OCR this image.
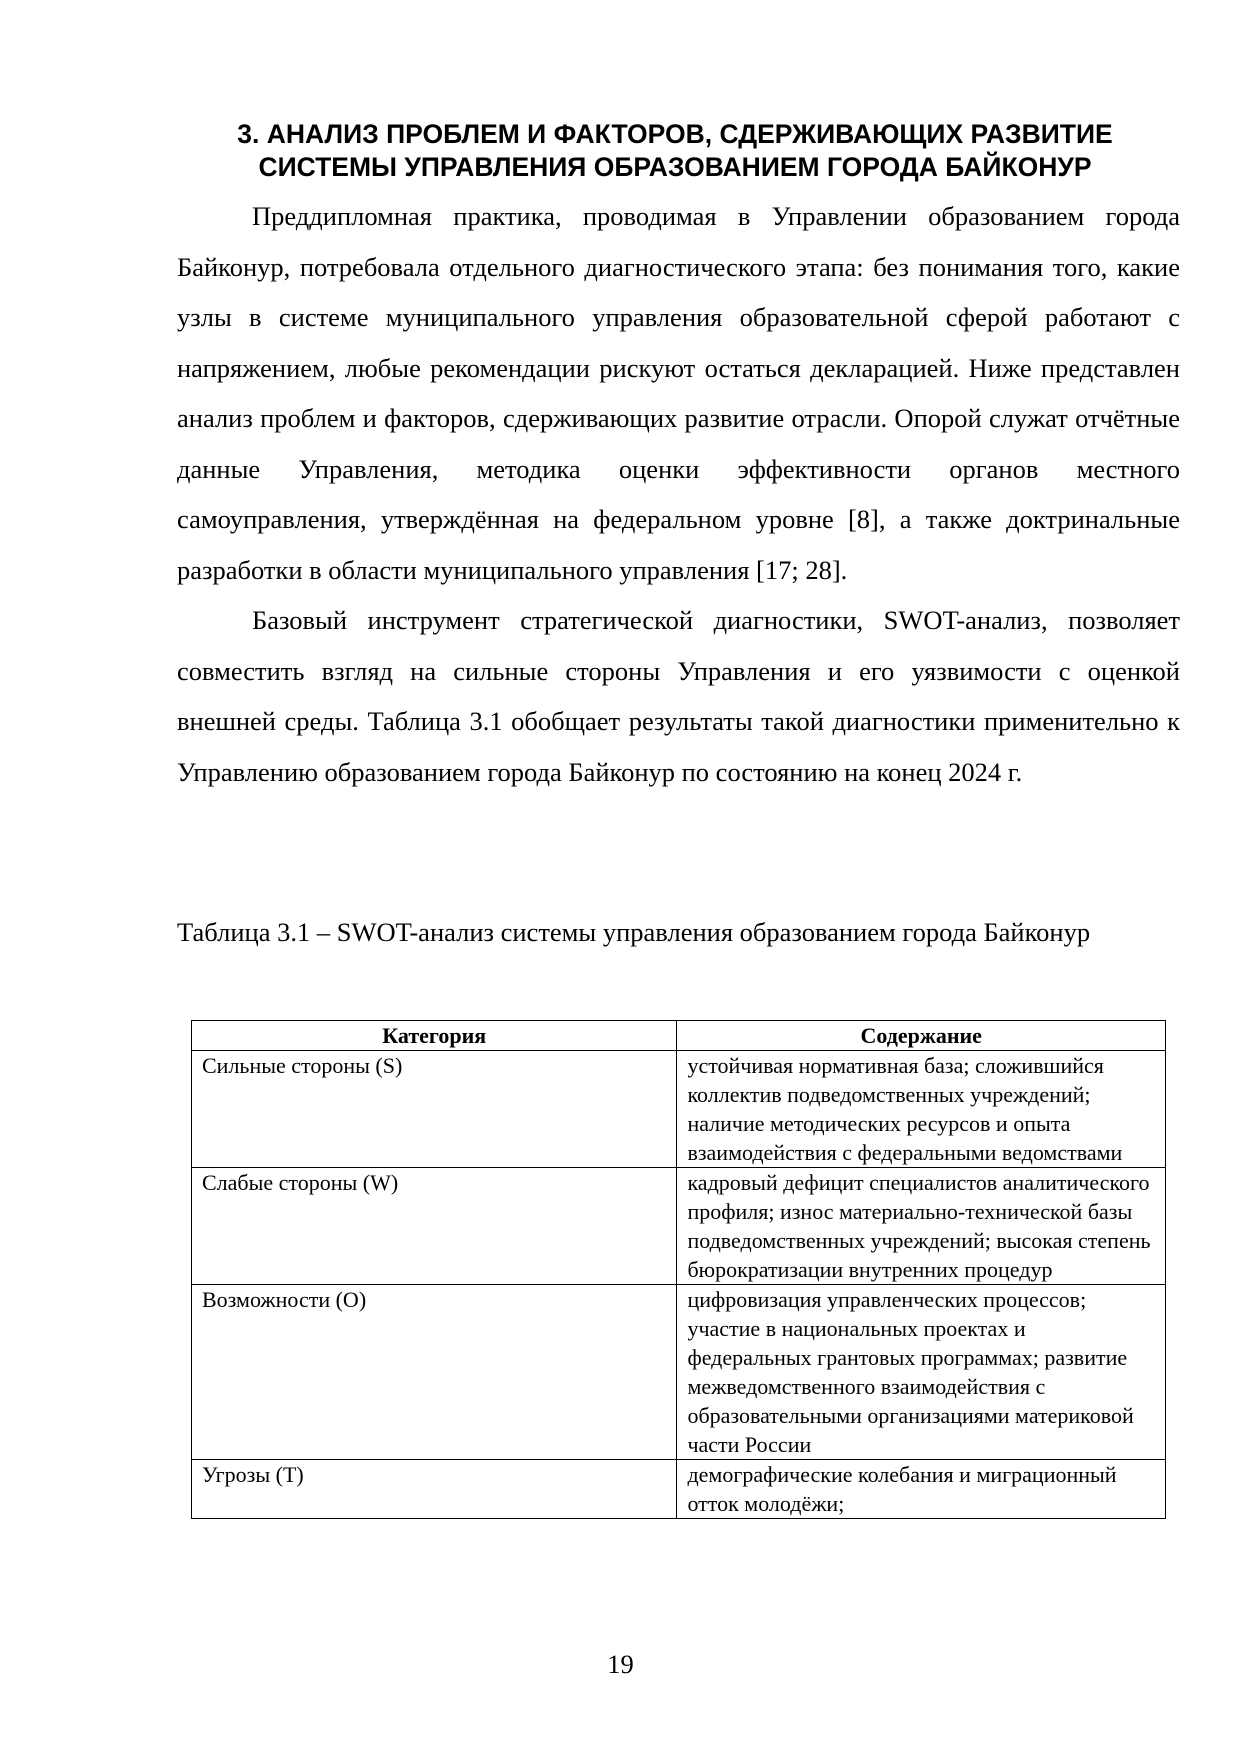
3. АНАЛИЗ ПРОБЛЕМ И ФАКТОРОВ, СДЕРЖИВАЮЩИХ РАЗВИТИЕ
СИСТЕМЫ УПРАВЛЕНИЯ ОБРАЗОВАНИЕМ ГОРОДА БАЙКОНУР

Преддипломная практика, проводимая в Управлении образованием города Байконур, потребовала отдельного диагностического этапа: без понимания того, какие узлы в системе муниципального управления образовательной сферой работают с напряжением, любые рекомендации рискуют остаться декларацией. Ниже представлен анализ проблем и факторов, сдерживающих развитие отрасли. Опорой служат отчётные данные Управления, методика оценки эффективности органов местного самоуправления, утверждённая на федеральном уровне [8], а также доктринальные разработки в области муниципального управления [17; 28].

Базовый инструмент стратегической диагностики, SWOT-анализ, позволяет совместить взгляд на сильные стороны Управления и его уязвимости с оценкой внешней среды. Таблица 3.1 обобщает результаты такой диагностики применительно к Управлению образованием города Байконур по состоянию на конец 2024 г.

Таблица 3.1 – SWOT-анализ системы управления образованием города Байконур

Категория	Содержание
Сильные стороны (S)	устойчивая нормативная база; сложившийся коллектив подведомственных учреждений; наличие методических ресурсов и опыта взаимодействия с федеральными ведомствами
Слабые стороны (W)	кадровый дефицит специалистов аналитического профиля; износ материально-технической базы подведомственных учреждений; высокая степень бюрократизации внутренних процедур
Возможности (O)	цифровизация управленческих процессов; участие в национальных проектах и федеральных грантовых программах; развитие межведомственного взаимодействия с образовательными организациями материковой части России
Угрозы (T)	демографические колебания и миграционный отток молодёжи;
19
